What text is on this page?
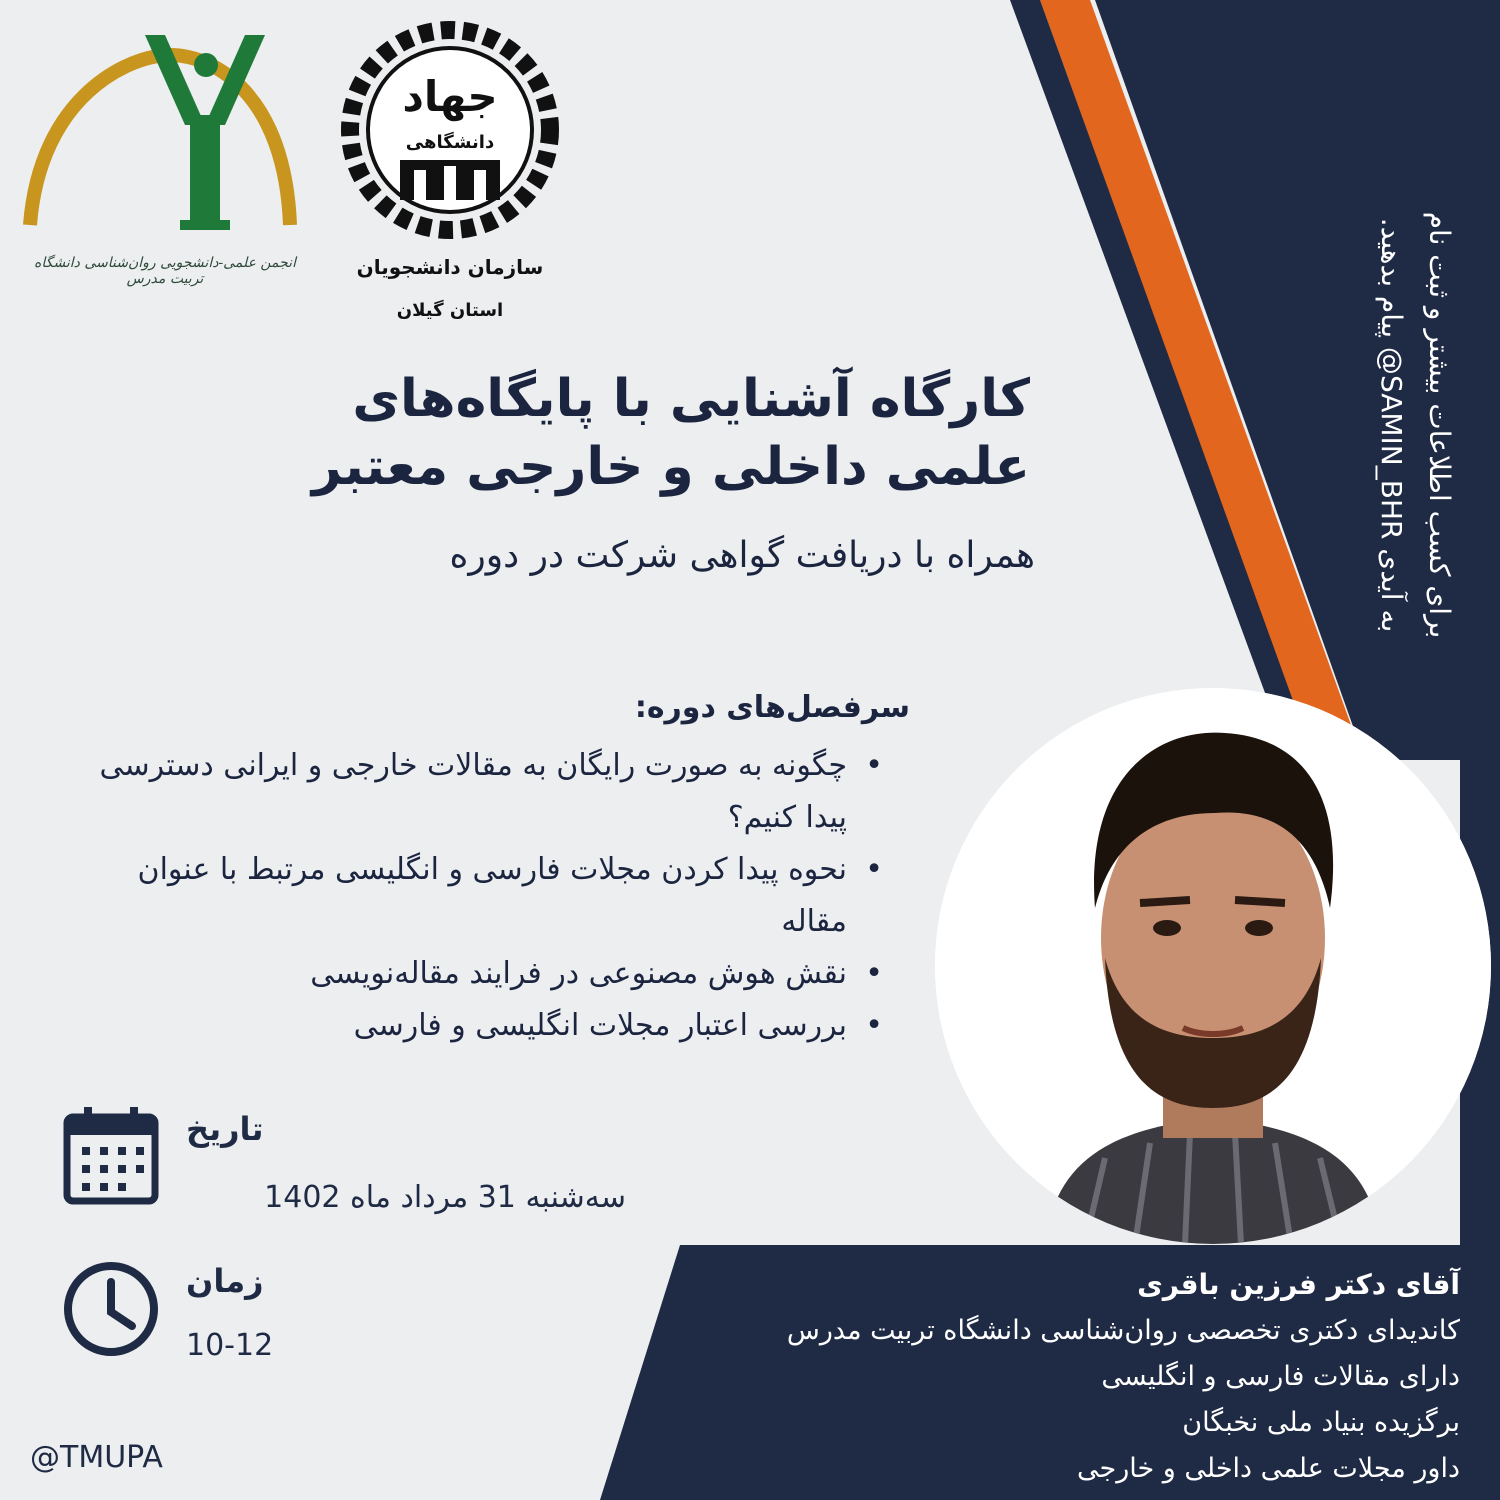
انجمن علمی-دانشجویی روان‌شناسی دانشگاه تربیت مدرس
جهاد
دانشگاهی
سازمان دانشجویان
استان گیلان
کارگاه آشنایی با پایگاه‌های
علمی داخلی و خارجی معتبر
همراه با دریافت گواهی شرکت در دوره
سرفصل‌های دوره:
• چگونه به صورت رایگان به مقالات خارجی و ایرانی دسترسی پیدا کنیم؟
• نحوه پیدا کردن مجلات فارسی و انگلیسی مرتبط با عنوان مقاله
• نقش هوش مصنوعی در فرایند مقاله‌نویسی
• بررسی اعتبار مجلات انگلیسی و فارسی
برای کسب اطلاعات بیشتر و ثبت نام
به آیدی SAMIN_BHR@ پیام بدهید.
تاریخ
سه‌شنبه 31 مرداد ماه 1402
زمان
10-12
@TMUPA
آقای دکتر فرزین باقری
کاندیدای دکتری تخصصی روان‌شناسی دانشگاه تربیت مدرس
دارای مقالات فارسی و انگلیسی
برگزیده بنیاد ملی نخبگان
داور مجلات علمی داخلی و خارجی
